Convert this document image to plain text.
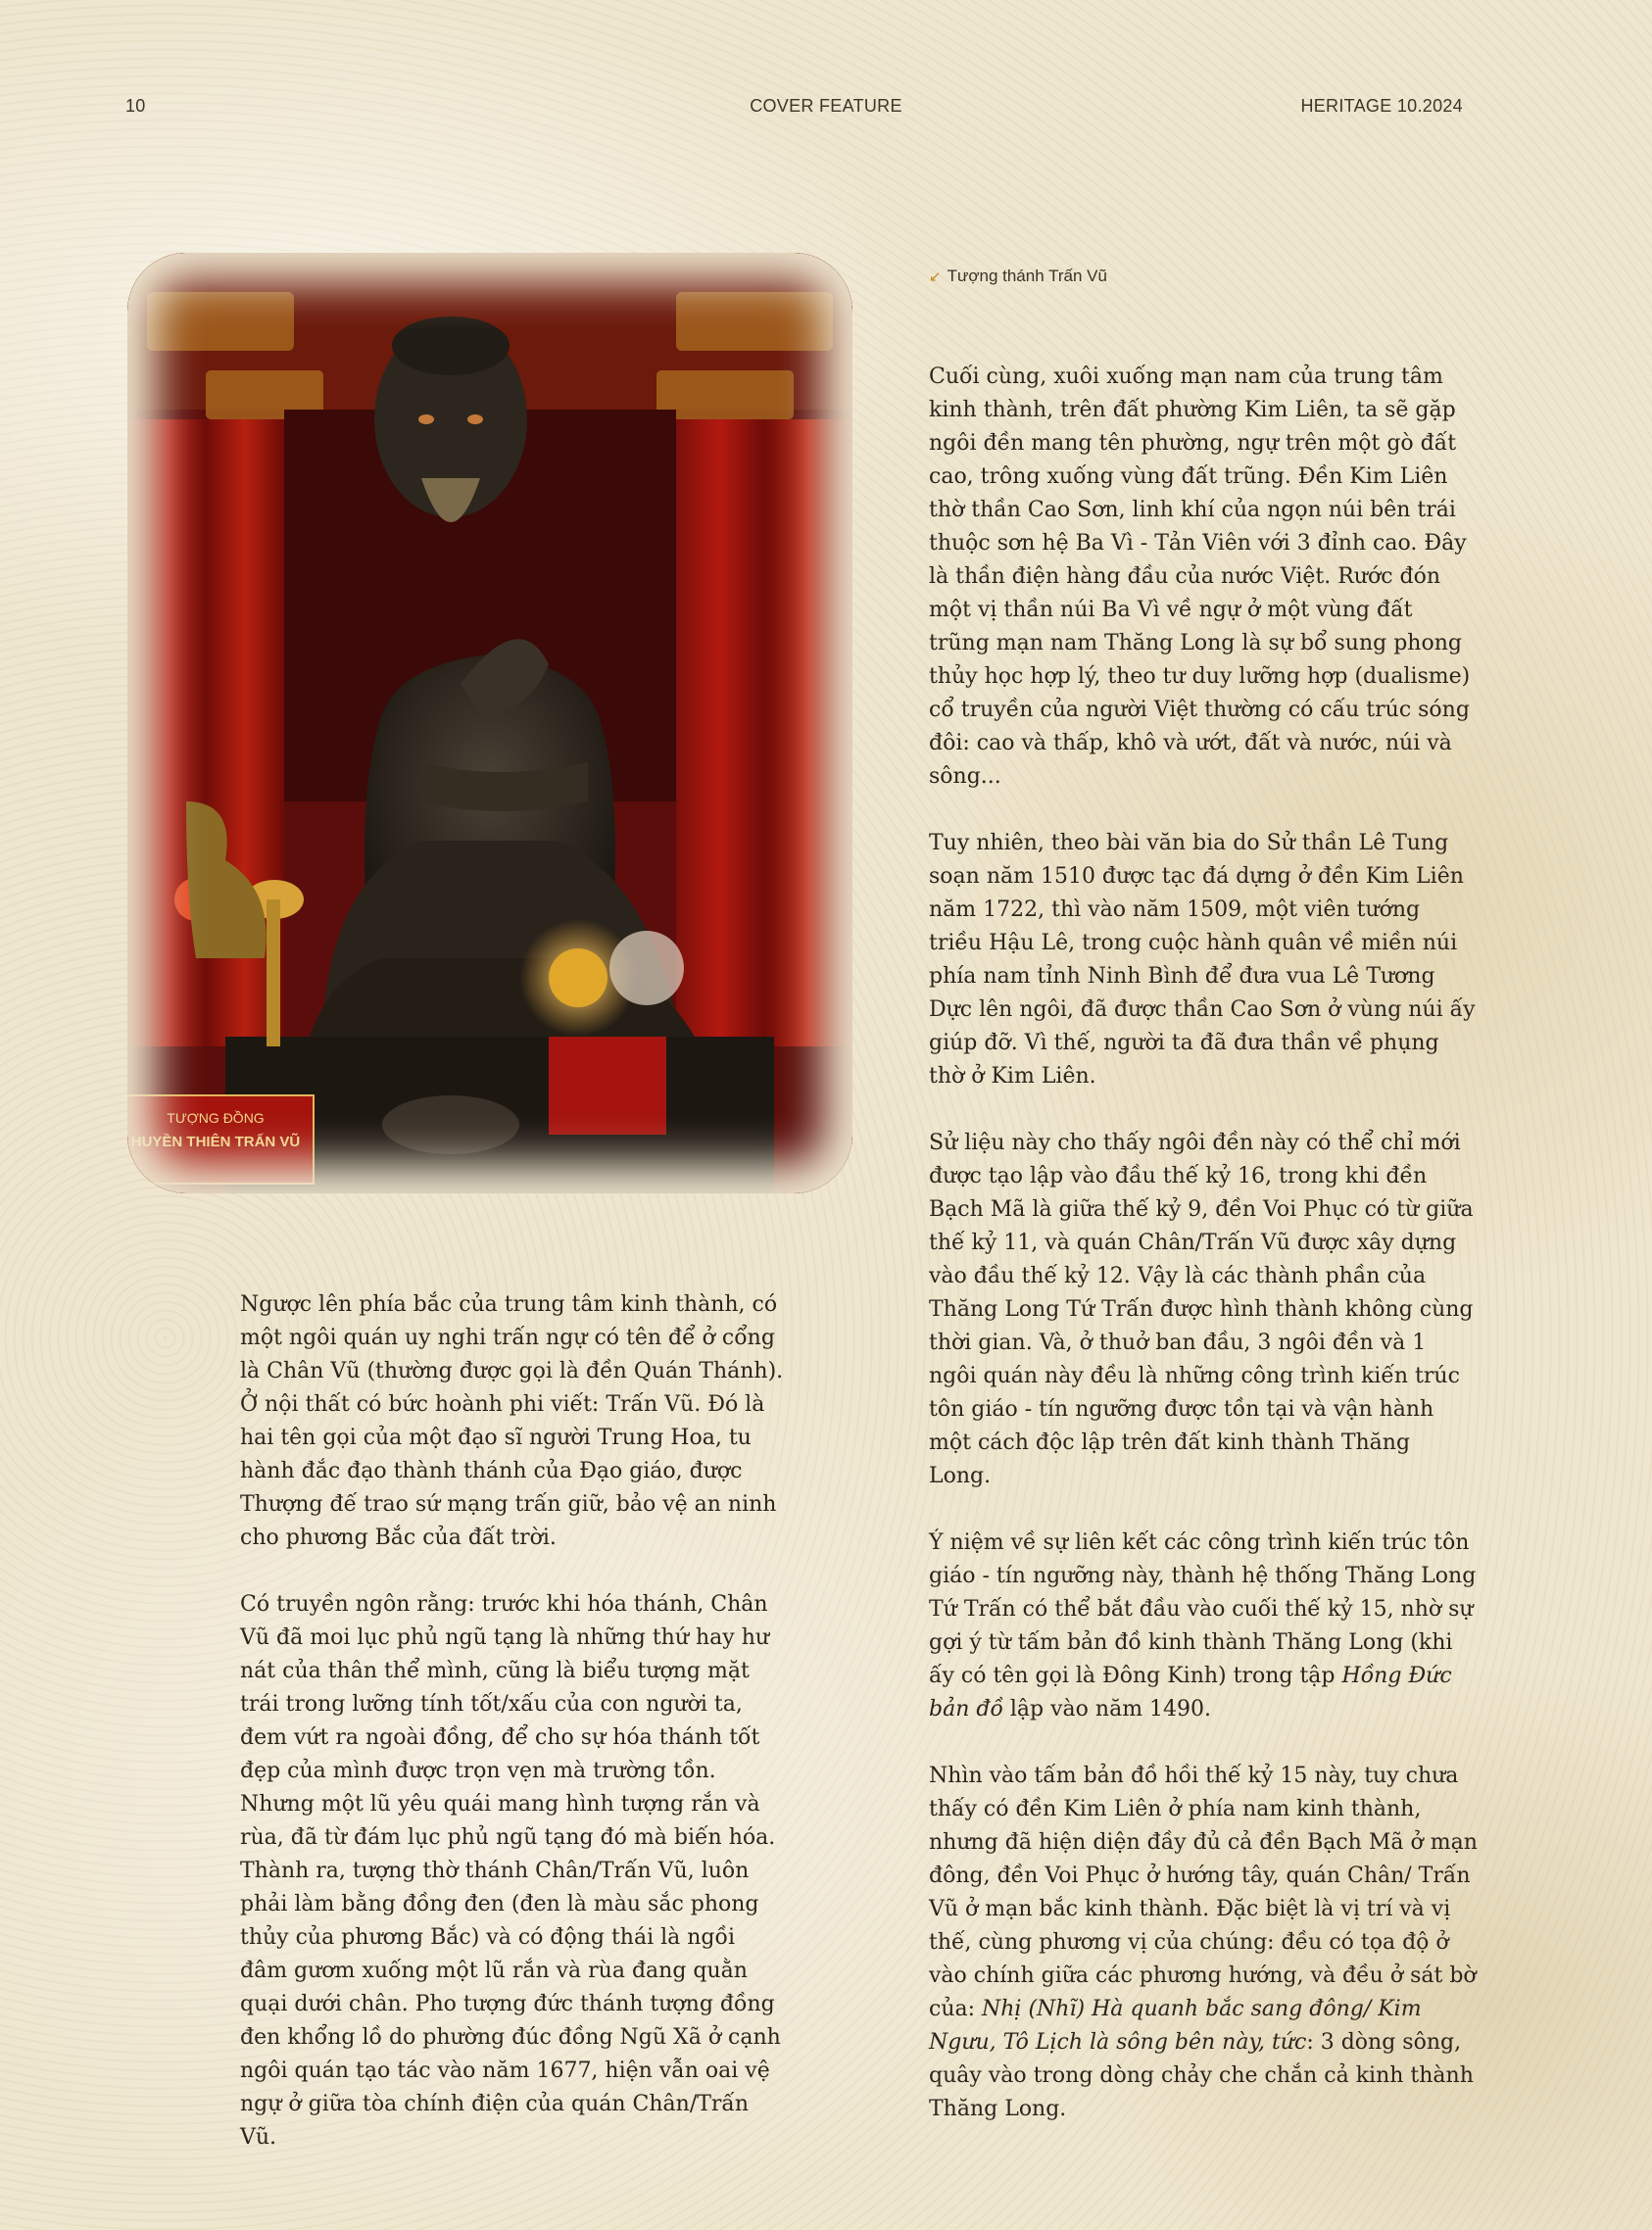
10	COVER FEATURE	HERITAGE 10.2024
TƯỢNG ĐỒNG
HUYỀN THIÊN TRẤN VŨ
↙ Tượng thánh Trấn Vũ

Ngược lên phía bắc của trung tâm kinh thành, có một ngôi quán uy nghi trấn ngự có tên để ở cổng là Chân Vũ (thường được gọi là đền Quán Thánh). Ở nội thất có bức hoành phi viết: Trấn Vũ. Đó là hai tên gọi của một đạo sĩ người Trung Hoa, tu hành đắc đạo thành thánh của Đạo giáo, được Thượng đế trao sứ mạng trấn giữ, bảo vệ an ninh cho phương Bắc của đất trời.

Có truyền ngôn rằng: trước khi hóa thánh, Chân Vũ đã moi lục phủ ngũ tạng là những thứ hay hư nát của thân thể mình, cũng là biểu tượng mặt trái trong lưỡng tính tốt/xấu của con người ta, đem vứt ra ngoài đồng, để cho sự hóa thánh tốt đẹp của mình được trọn vẹn mà trường tồn. Nhưng một lũ yêu quái mang hình tượng rắn và rùa, đã từ đám lục phủ ngũ tạng đó mà biến hóa. Thành ra, tượng thờ thánh Chân/Trấn Vũ, luôn phải làm bằng đồng đen (đen là màu sắc phong thủy của phương Bắc) và có động thái là ngồi đâm gươm xuống một lũ rắn và rùa đang quằn quại dưới chân. Pho tượng đức thánh tượng đồng đen khổng lồ do phường đúc đồng Ngũ Xã ở cạnh ngôi quán tạo tác vào năm 1677, hiện vẫn oai vệ ngự ở giữa tòa chính điện của quán Chân/Trấn Vũ.

Cuối cùng, xuôi xuống mạn nam của trung tâm kinh thành, trên đất phường Kim Liên, ta sẽ gặp ngôi đền mang tên phường, ngự trên một gò đất cao, trông xuống vùng đất trũng. Đền Kim Liên thờ thần Cao Sơn, linh khí của ngọn núi bên trái thuộc sơn hệ Ba Vì - Tản Viên với 3 đỉnh cao. Đây là thần điện hàng đầu của nước Việt. Rước đón một vị thần núi Ba Vì về ngự ở một vùng đất trũng mạn nam Thăng Long là sự bổ sung phong thủy học hợp lý, theo tư duy lưỡng hợp (dualisme) cổ truyền của người Việt thường có cấu trúc sóng đôi: cao và thấp, khô và ướt, đất và nước, núi và sông...

Tuy nhiên, theo bài văn bia do Sử thần Lê Tung soạn năm 1510 được tạc đá dựng ở đền Kim Liên năm 1722, thì vào năm 1509, một viên tướng triều Hậu Lê, trong cuộc hành quân về miền núi phía nam tỉnh Ninh Bình để đưa vua Lê Tương Dực lên ngôi, đã được thần Cao Sơn ở vùng núi ấy giúp đỡ. Vì thế, người ta đã đưa thần về phụng thờ ở Kim Liên.

Sử liệu này cho thấy ngôi đền này có thể chỉ mới được tạo lập vào đầu thế kỷ 16, trong khi đền Bạch Mã là giữa thế kỷ 9, đền Voi Phục có từ giữa thế kỷ 11, và quán Chân/Trấn Vũ được xây dựng vào đầu thế kỷ 12. Vậy là các thành phần của Thăng Long Tứ Trấn được hình thành không cùng thời gian. Và, ở thuở ban đầu, 3 ngôi đền và 1 ngôi quán này đều là những công trình kiến trúc tôn giáo - tín ngưỡng được tồn tại và vận hành một cách độc lập trên đất kinh thành Thăng Long.

Ý niệm về sự liên kết các công trình kiến trúc tôn giáo - tín ngưỡng này, thành hệ thống Thăng Long Tứ Trấn có thể bắt đầu vào cuối thế kỷ 15, nhờ sự gợi ý từ tấm bản đồ kinh thành Thăng Long (khi ấy có tên gọi là Đông Kinh) trong tập Hồng Đức bản đồ lập vào năm 1490.

Nhìn vào tấm bản đồ hồi thế kỷ 15 này, tuy chưa thấy có đền Kim Liên ở phía nam kinh thành, nhưng đã hiện diện đầy đủ cả đền Bạch Mã ở mạn đông, đền Voi Phục ở hướng tây, quán Chân/ Trấn Vũ ở mạn bắc kinh thành. Đặc biệt là vị trí và vị thế, cùng phương vị của chúng: đều có tọa độ ở vào chính giữa các phương hướng, và đều ở sát bờ của: Nhị (Nhĩ) Hà quanh bắc sang đông/ Kim Ngưu, Tô Lịch là sông bên này, tức: 3 dòng sông, quây vào trong dòng chảy che chắn cả kinh thành Thăng Long.
